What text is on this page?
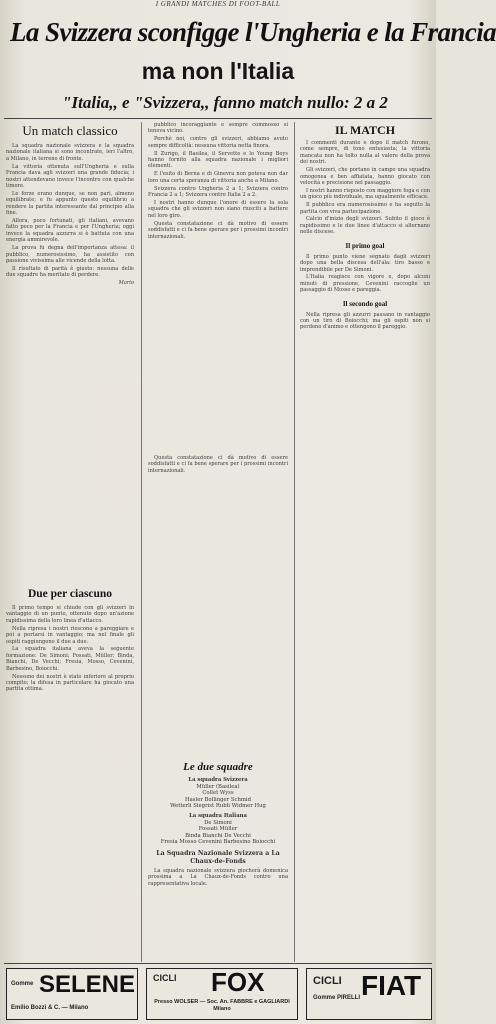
I GRANDI MATCHES DI FOOT-BALL
La Svizzera sconfigge l'Ungheria e la Francia
ma non l'Italia
"Italia,, e "Svizzera,, fanno match nullo: 2 a 2
Un match classico

La squadra nazionale svizzera e la squadra nazionale italiana si sono incontrate, ieri l'altro, a Milano, in terreno di fronte.

La vittoria ottenuta sull'Ungheria e sulla Francia dava agli svizzeri una grande fiducia; i nostri attendevano invece l'incontro con qualche timore.

Le forze erano dunque, se non pari, almeno equilibrate; e fu appunto questo equilibrio a rendere la partita interessante dal principio alla fine.

Allora, poco fortunati, gli italiani, avevano fatto poco per la Francia e per l'Ungheria; oggi invece la squadra azzurra si è battuta con una energia ammirevole.

La prova fu degna dell'importanza attesa: il pubblico, numerosissimo, ha assistito con passione vivissima alle vicende della lotta.

Il risultato di parità è giusto: nessuna delle due squadre ha meritato di perdere.

Mario
Due per ciascuno

Il primo tempo si chiude con gli svizzeri in vantaggio di un punto, ottenuto dopo un'azione rapidissima della loro linea d'attacco.

Nella ripresa i nostri riescono a pareggiare e poi a portarsi in vantaggio; ma nel finale gli ospiti raggiungono il due a due.

La squadra italiana aveva la seguente formazione: De Simoni; Fossati, Müller; Binda, Bianchi, De Vecchi; Fresia, Mosso, Cevenini, Barbesino, Boiocchi.

Nessuno dei nostri è stato inferiore al proprio compito; la difesa in particolare ha giocato una partita ottima.

pubblico incoraggiante e sempre commosso si teneva vicino.

Perchè noi, contro gli svizzeri, abbiamo avuto sempre difficoltà: nessuna vittoria netta finora.

Il Zurigo, il Basilea, il Servette e lo Young Boys hanno fornito alla squadra nazionale i migliori elementi.

E l'esito di Berna e di Ginevra non poteva non dar loro una certa speranza di vittoria anche a Milano.

Svizzera contro Ungheria 2 a 1; Svizzera contro Francia 2 a 1; Svizzera contro Italia 2 a 2.

I nostri hanno dunque l'onore di essere la sola squadra che gli svizzeri non siano riusciti a battere nel loro giro.

Questa constatazione ci dà motivo di essere soddisfatti e ci fa bene sperare per i prossimi incontri internazionali.

Questa constatazione ci dà motivo di essere soddisfatti e ci fa bene sperare per i prossimi incontri internazionali.

Le due squadre
La squadra Svizzera
Müller (Basilea)
Collet Wyss
Hasler Bollinger Schmid
Wetterli Siegrist Rubli Widmer Hug
La squadra Italiana
De Simoni
Fossati Müller
Binda Bianchi De Vecchi
Fresia Mosso Cevenini Barbesino Boiocchi
La Squadra Nazionale Svizzera a La Chaux-de-Fonds

La squadra nazionale svizzera giocherà domenica prossima a La Chaux-de-Fonds contro una rappresentativa locale.

IL MATCH

I commenti durante e dopo il match furono, come sempre, di tono entusiasta; la vittoria mancata non ha tolto nulla al valore della prova dei nostri.

Gli svizzeri, che portano in campo una squadra omogenea e ben affiatata, hanno giocato con velocità e precisione nel passaggio.

I nostri hanno risposto con maggiore foga e con un gioco più individuale, ma ugualmente efficace.

Il pubblico era numerosissimo e ha seguito la partita con viva partecipazione.

Calcio d'inizio degli svizzeri. Subito il gioco è rapidissimo e le due linee d'attacco si alternano nelle discese.

Il primo goal

Il primo punto viene segnato dagli svizzeri dopo una bella discesa dell'ala: tiro basso e imprendibile per De Simoni.

L'Italia reagisce con vigore e, dopo alcuni minuti di pressione, Cevenini raccoglie un passaggio di Mosso e pareggia.

Il secondo goal

Nella ripresa gli azzurri passano in vantaggio con un tiro di Boiocchi; ma gli ospiti non si perdono d'animo e ottengono il pareggio.

Gomme SELENE
Emilio Bozzi & C. — Milano
CICLI FOX
Presso WOLSER — Soc. An. FABBRE e GAGLIARDI Milano
CICLI FIAT
Gomme PIRELLI
